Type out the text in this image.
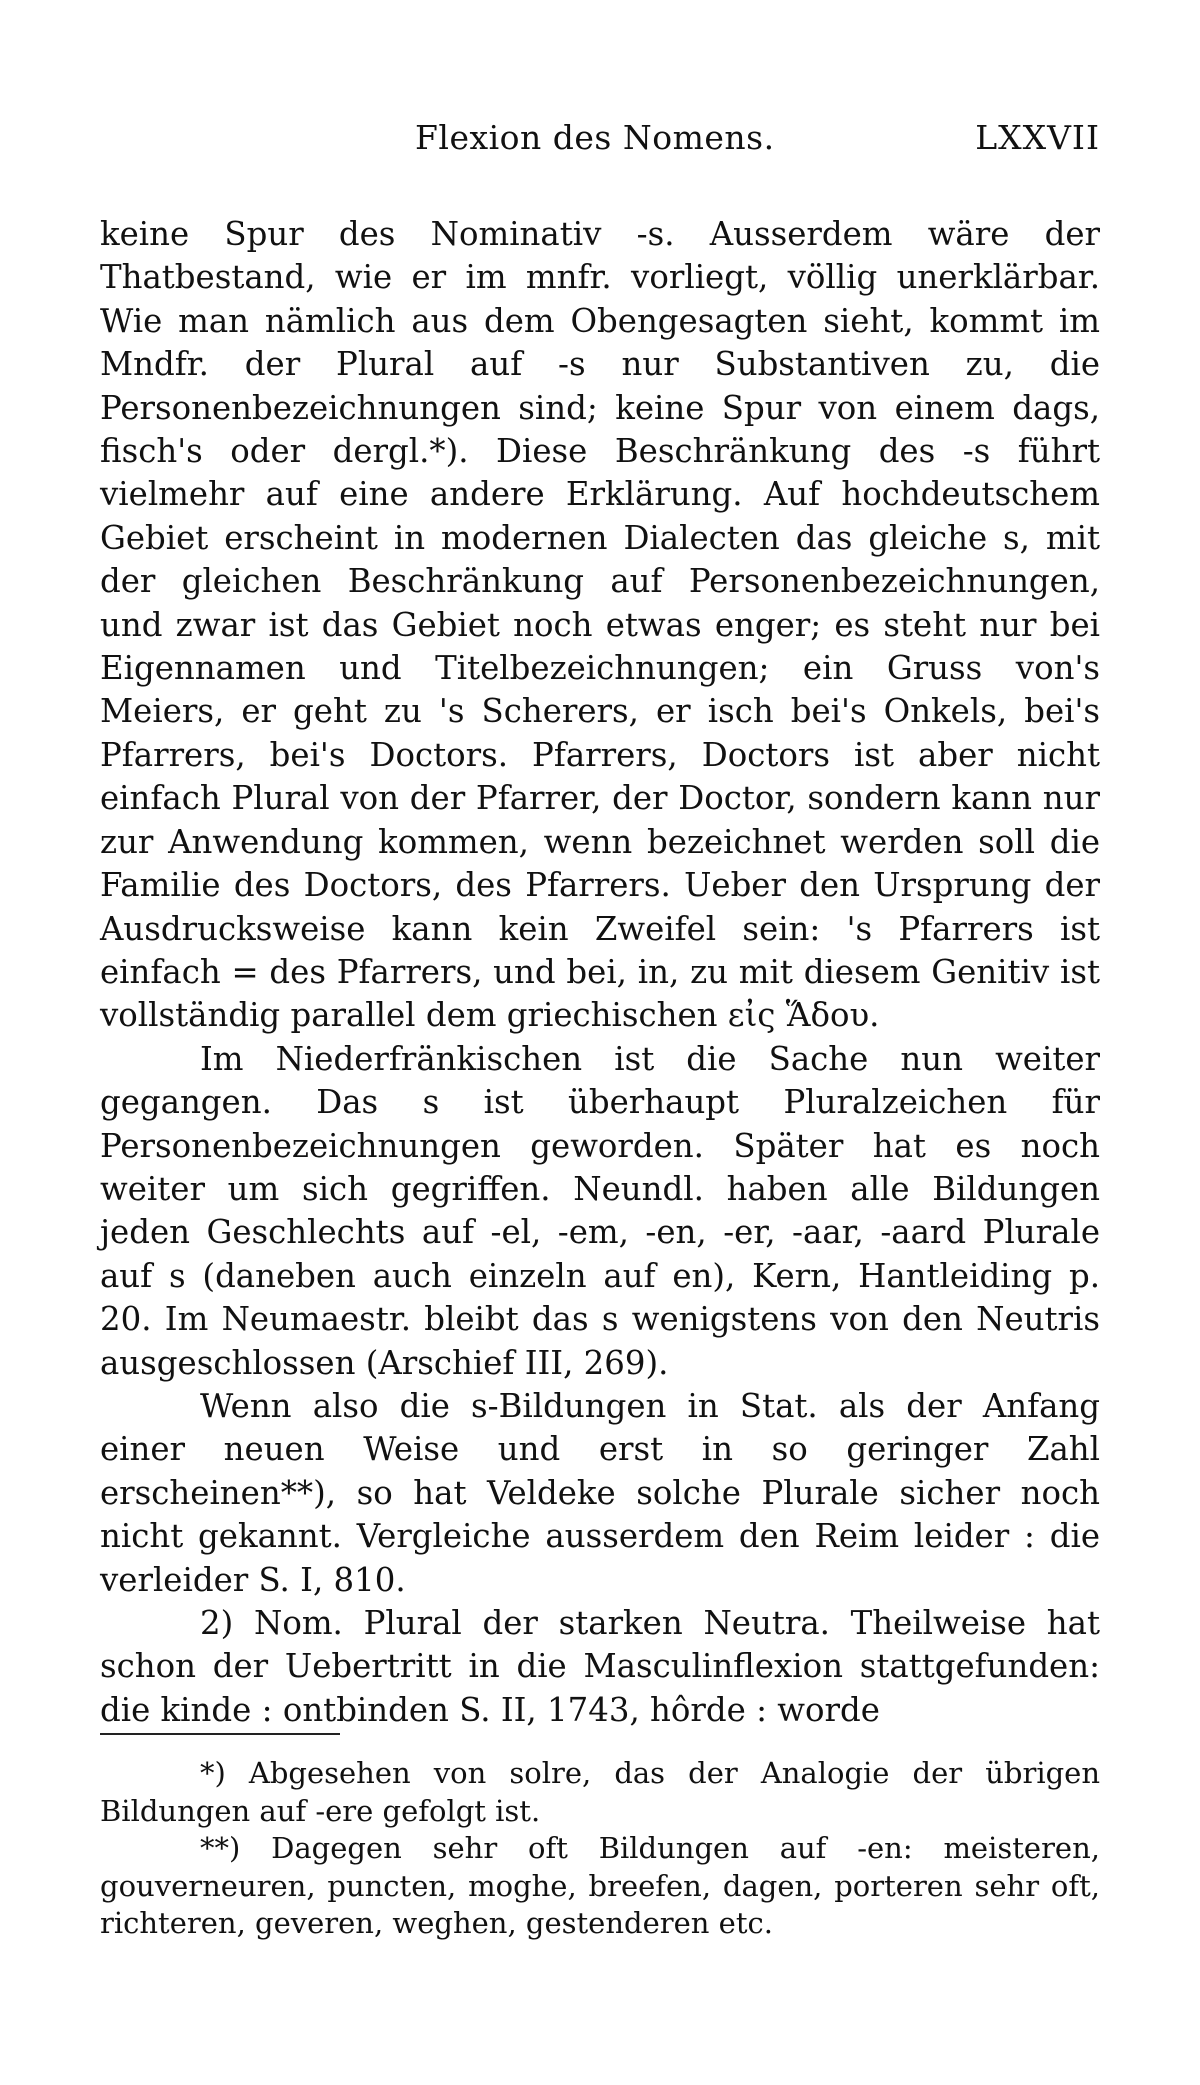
Flexion des Nomens.	LXXVII

keine Spur des Nominativ -s. Ausserdem wäre der Thatbestand, wie er im mnfr. vorliegt, völlig unerklärbar. Wie man nämlich aus dem Obengesagten sieht, kommt im Mndfr. der Plural auf -s nur Substantiven zu, die Personenbezeichnungen sind; keine Spur von einem dags, fisch's oder dergl.*). Diese Beschränkung des -s führt vielmehr auf eine andere Erklärung. Auf hochdeutschem Gebiet erscheint in modernen Dialecten das gleiche s, mit der gleichen Beschränkung auf Personenbezeichnungen, und zwar ist das Gebiet noch etwas enger; es steht nur bei Eigennamen und Titelbezeichnungen; ein Gruss von's Meiers, er geht zu 's Scherers, er isch bei's Onkels, bei's Pfarrers, bei's Doctors. Pfarrers, Doctors ist aber nicht einfach Plural von der Pfarrer, der Doctor, sondern kann nur zur Anwendung kommen, wenn bezeichnet werden soll die Familie des Doctors, des Pfarrers. Ueber den Ursprung der Ausdrucksweise kann kein Zweifel sein: 's Pfarrers ist einfach = des Pfarrers, und bei, in, zu mit diesem Genitiv ist vollständig parallel dem griechischen εἰς Ἅδου.

Im Niederfränkischen ist die Sache nun weiter gegangen. Das s ist überhaupt Pluralzeichen für Personenbezeichnungen geworden. Später hat es noch weiter um sich gegriffen. Neundl. haben alle Bildungen jeden Geschlechts auf -el, -em, -en, -er, -aar, -aard Plurale auf s (daneben auch einzeln auf en), Kern, Hantleiding p. 20. Im Neumaestr. bleibt das s wenigstens von den Neutris ausgeschlossen (Arschief III, 269).

Wenn also die s-Bildungen in Stat. als der Anfang einer neuen Weise und erst in so geringer Zahl erscheinen**), so hat Veldeke solche Plurale sicher noch nicht gekannt. Vergleiche ausserdem den Reim leider : die verleider S. I, 810.

2) Nom. Plural der starken Neutra. Theilweise hat schon der Uebertritt in die Masculinflexion stattgefunden: die kinde : ontbinden S. II, 1743, hôrde : worde

*) Abgesehen von solre, das der Analogie der übrigen Bildungen auf -ere gefolgt ist.

**) Dagegen sehr oft Bildungen auf -en: meisteren, gouverneuren, puncten, moghe, breefen, dagen, porteren sehr oft, richteren, geveren, weghen, gestenderen etc.
